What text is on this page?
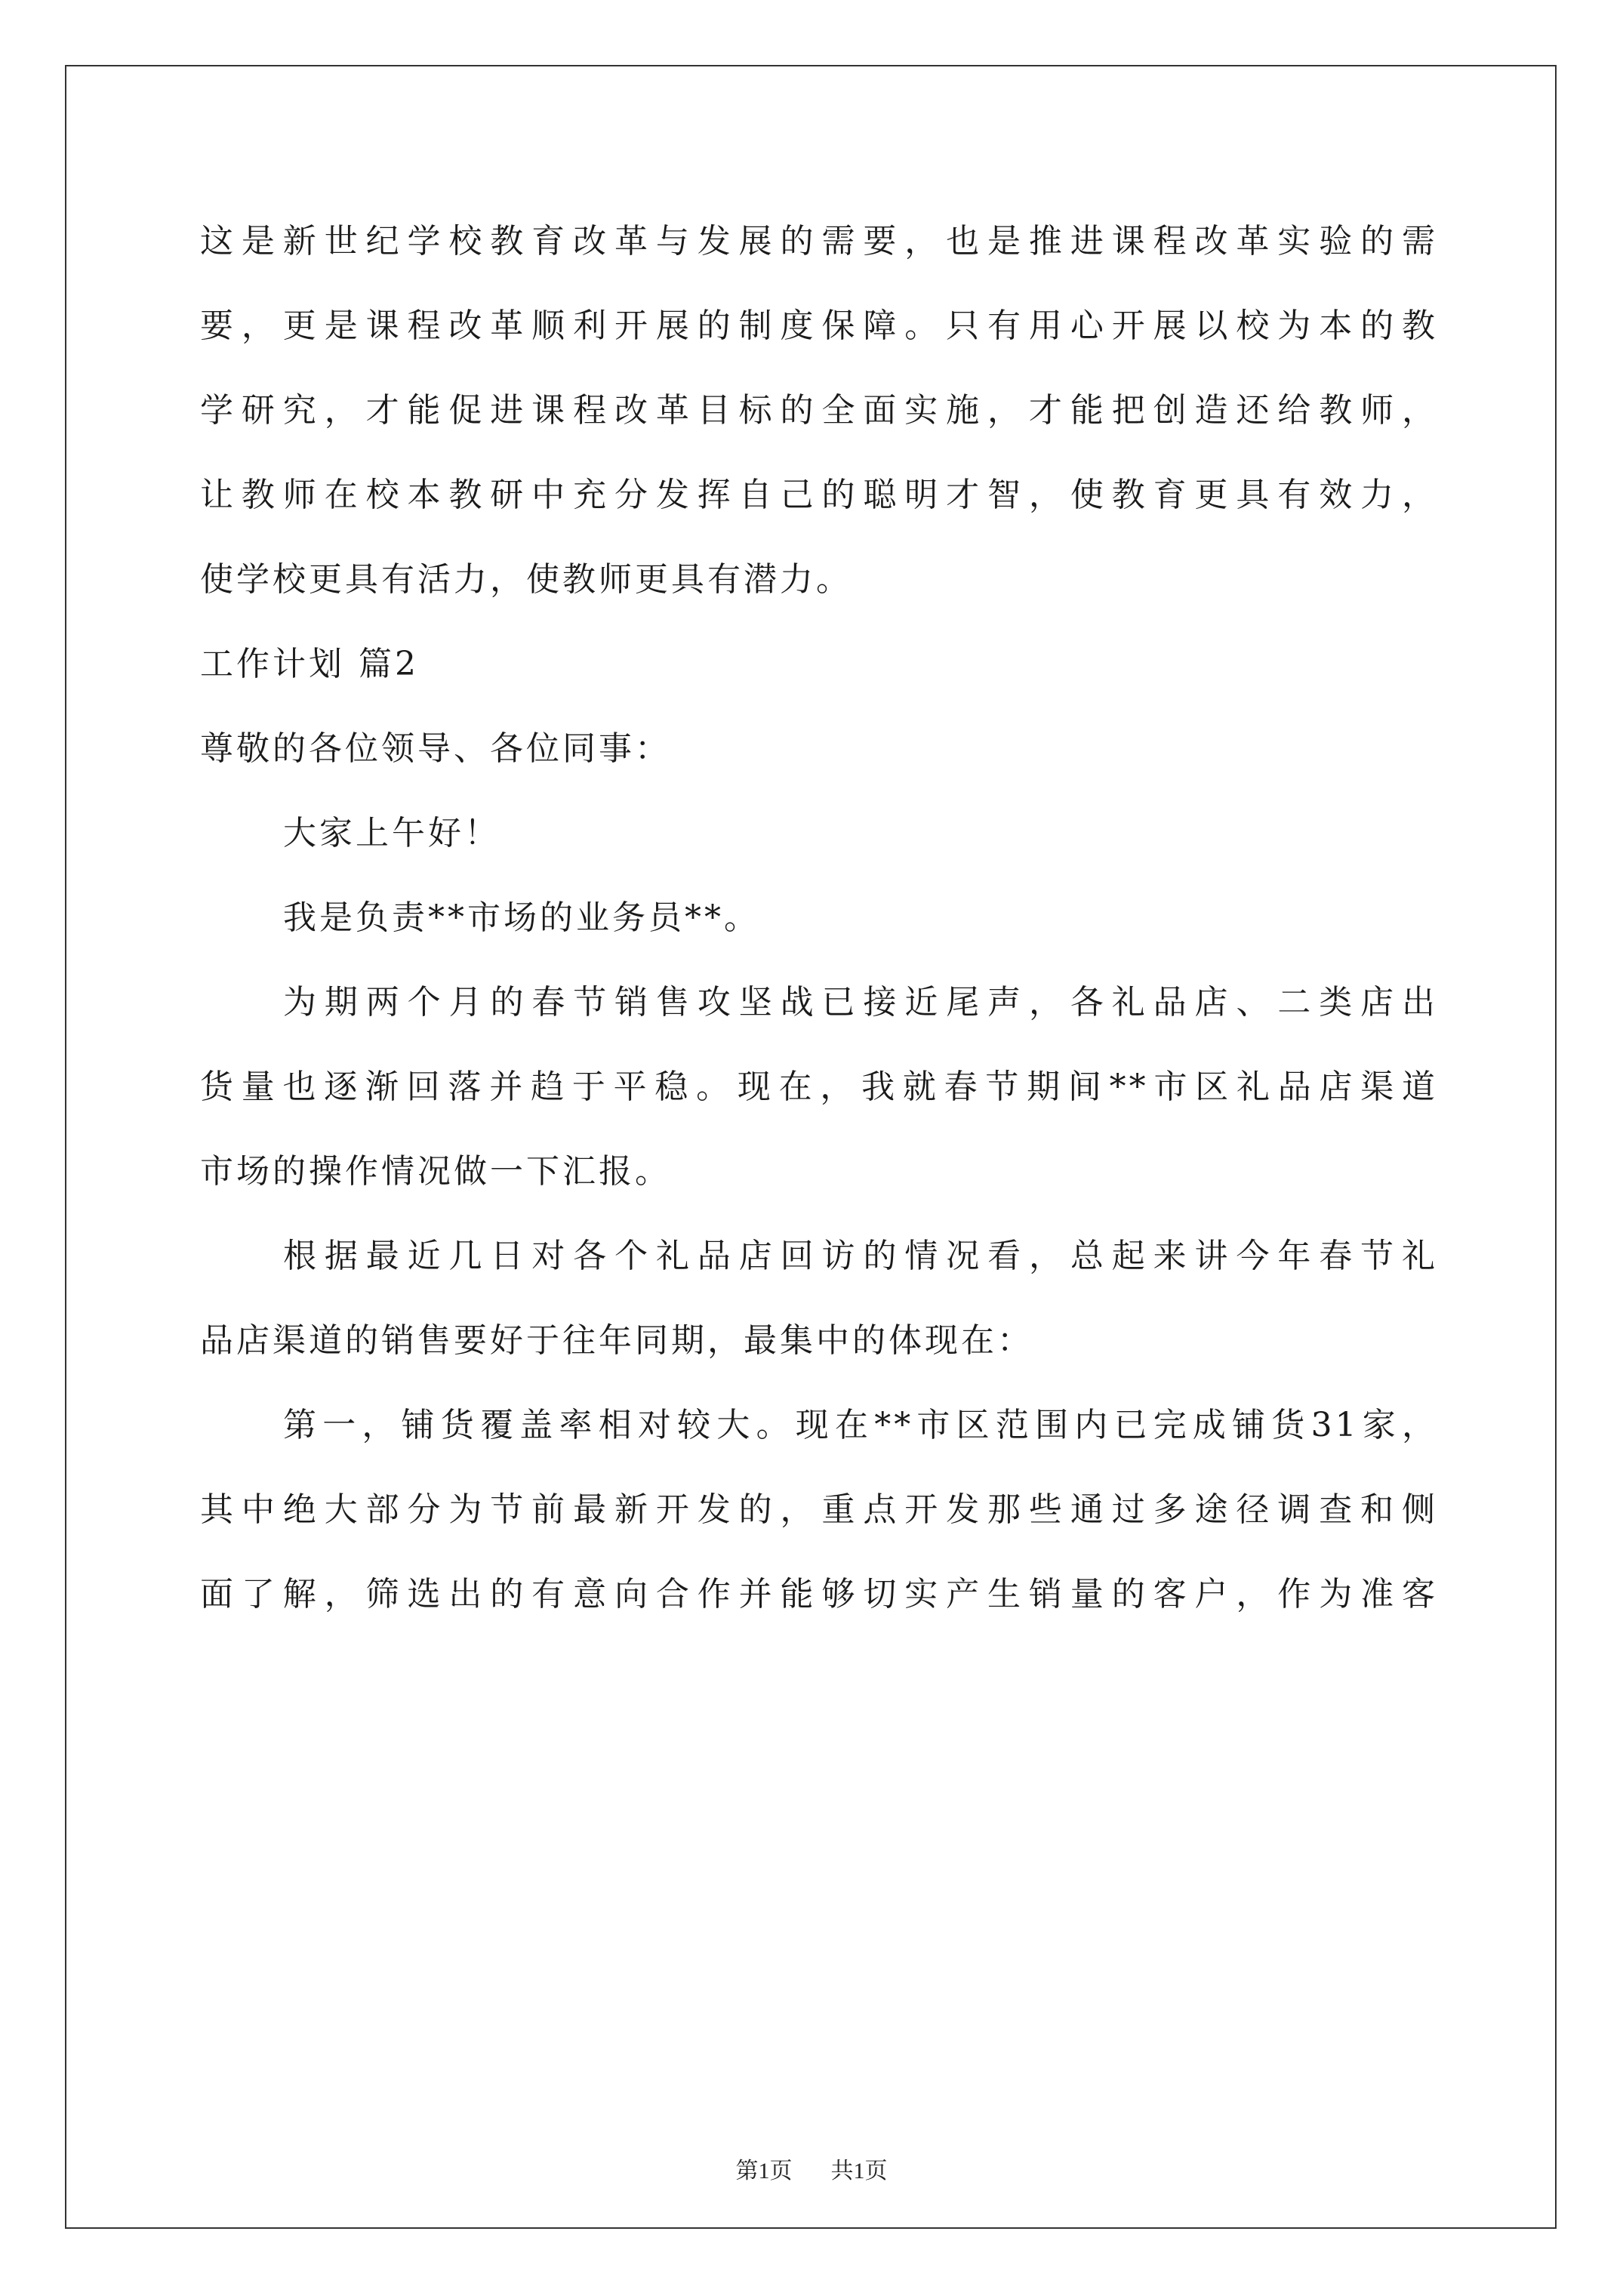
这是新世纪学校教育改革与发展的需要，也是推进课程改革实验的需
要，更是课程改革顺利开展的制度保障。只有用心开展以校为本的教
学研究，才能促进课程改革目标的全面实施，才能把创造还给教师，
让教师在校本教研中充分发挥自己的聪明才智，使教育更具有效力，
使学校更具有活力，使教师更具有潜力。
工作计划 篇2
尊敬的各位领导、各位同事：
大家上午好！
我是负责**市场的业务员**。
为期两个月的春节销售攻坚战已接近尾声，各礼品店、二类店出
货量也逐渐回落并趋于平稳。现在，我就春节期间**市区礼品店渠道
市场的操作情况做一下汇报。
根据最近几日对各个礼品店回访的情况看，总起来讲今年春节礼
品店渠道的销售要好于往年同期，最集中的体现在：
第一，铺货覆盖率相对较大。现在**市区范围内已完成铺货31家，
其中绝大部分为节前最新开发的，重点开发那些通过多途径调查和侧
面了解，筛选出的有意向合作并能够切实产生销量的客户，作为准客
第1页 共1页
